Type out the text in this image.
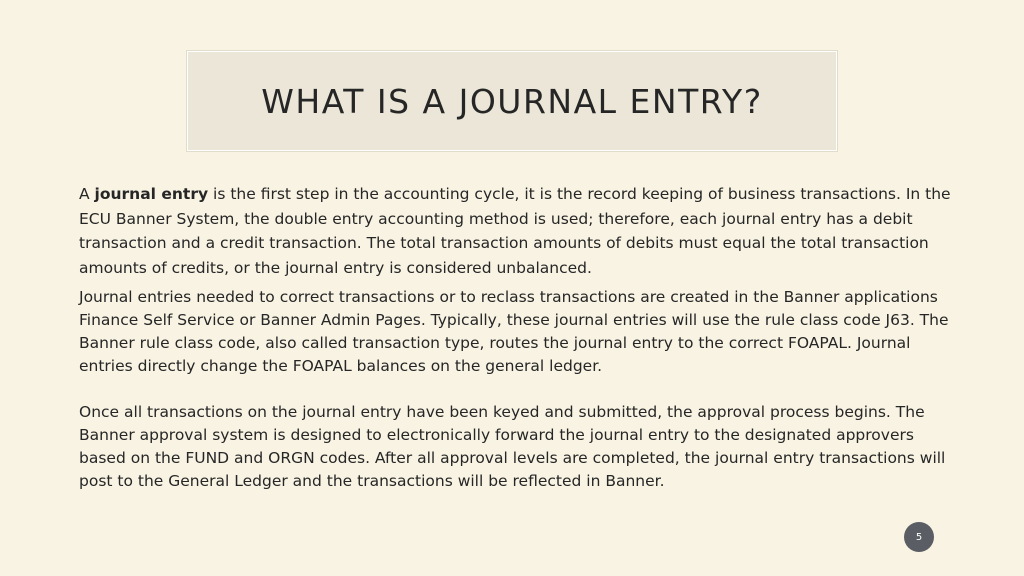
WHAT IS A JOURNAL ENTRY?

A journal entry is the first step in the accounting cycle, it is the record keeping of business transactions. In the ECU Banner System, the double entry accounting method is used; therefore, each journal entry has a debit transaction and a credit transaction. The total transaction amounts of debits must equal the total transaction amounts of credits, or the journal entry is considered unbalanced.

Journal entries needed to correct transactions or to reclass transactions are created in the Banner applications Finance Self Service or Banner Admin Pages. Typically, these journal entries will use the rule class code J63. The Banner rule class code, also called transaction type, routes the journal entry to the correct FOAPAL. Journal entries directly change the FOAPAL balances on the general ledger.

Once all transactions on the journal entry have been keyed and submitted, the approval process begins. The Banner approval system is designed to electronically forward the journal entry to the designated approvers based on the FUND and ORGN codes. After all approval levels are completed, the journal entry transactions will post to the General Ledger and the transactions will be reflected in Banner.

5
